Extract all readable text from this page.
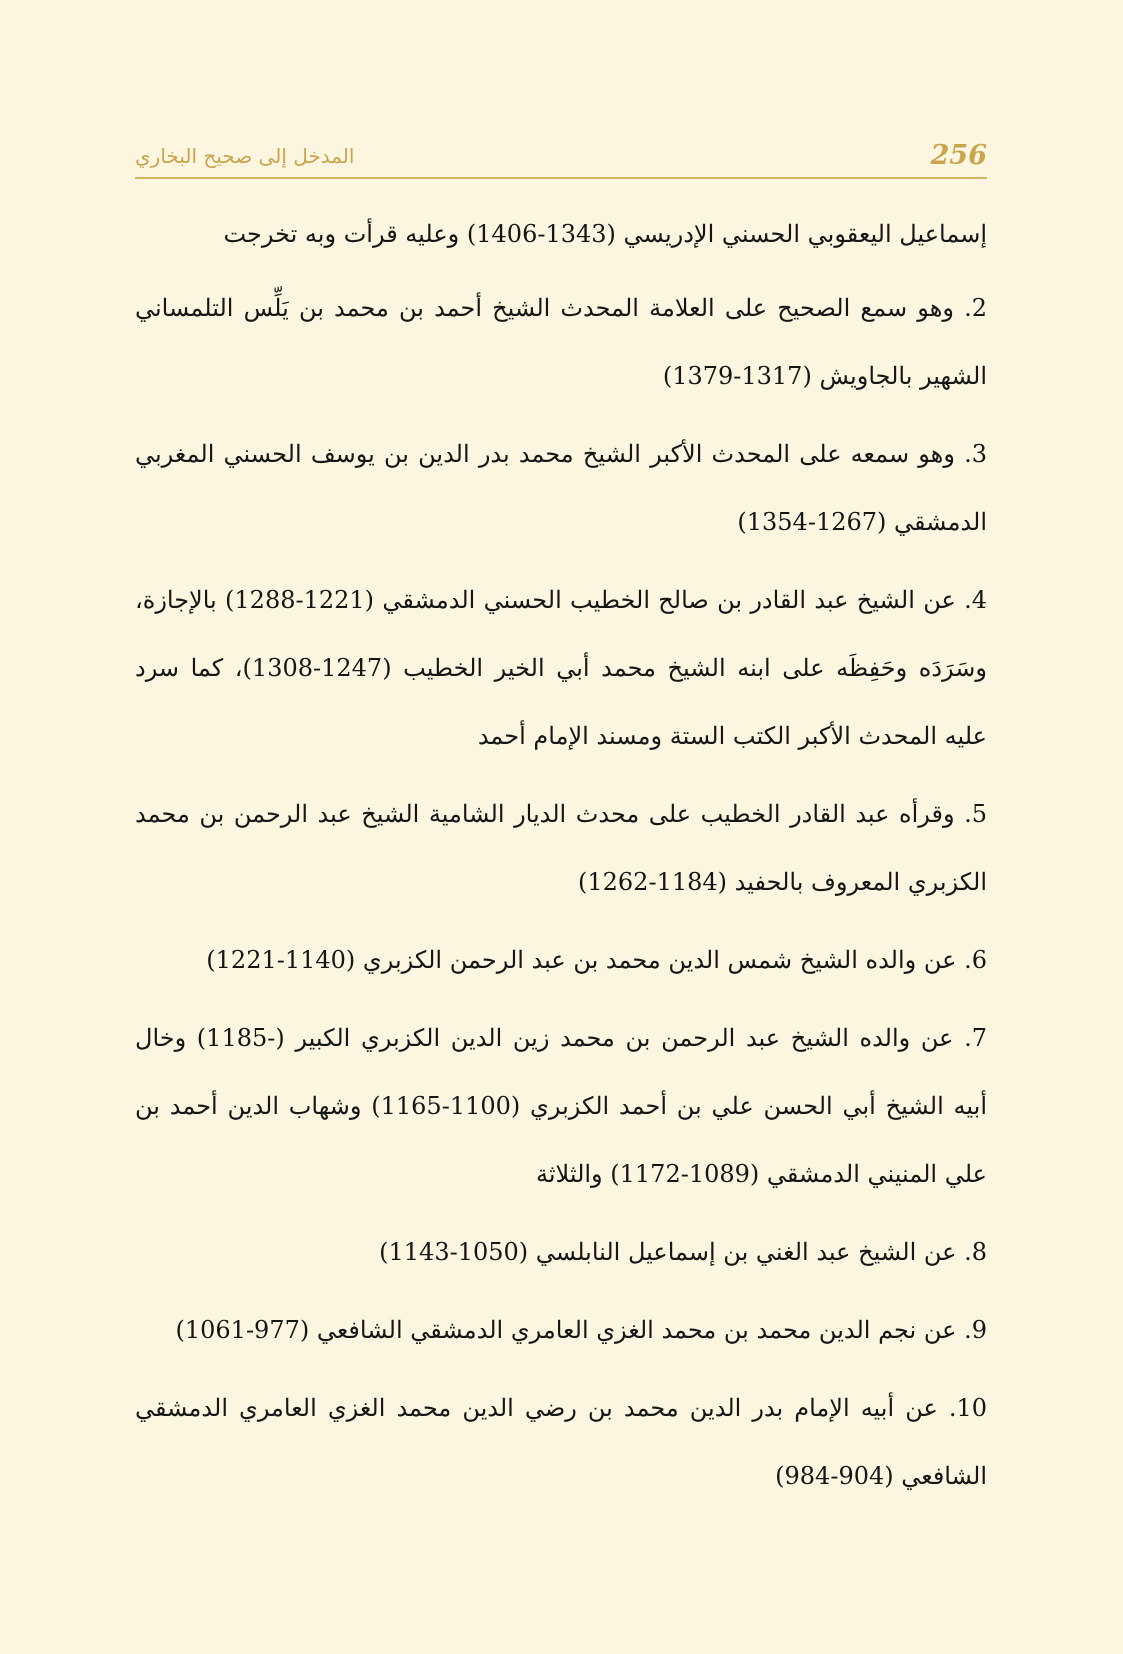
256
المدخل إلى صحيح البخاري

إسماعيل اليعقوبي الحسني الإدريسي (1343-1406) وعليه قرأت وبه تخرجت

2. وهو سمع الصحيح على العلامة المحدث الشيخ أحمد بن محمد بن يَلِّس التلمساني الشهير بالجاويش (1317-1379)

3. وهو سمعه على المحدث الأكبر الشيخ محمد بدر الدين بن يوسف الحسني المغربي الدمشقي (1267-1354)

4. عن الشيخ عبد القادر بن صالح الخطيب الحسني الدمشقي (1221-1288) بالإجازة، وسَرَدَه وحَفِظَه على ابنه الشيخ محمد أبي الخير الخطيب (1247-1308)، كما سرد عليه المحدث الأكبر الكتب الستة ومسند الإمام أحمد

5. وقرأه عبد القادر الخطيب على محدث الديار الشامية الشيخ عبد الرحمن بن محمد الكزبري المعروف بالحفيد (1184-1262)

6. عن والده الشيخ شمس الدين محمد بن عبد الرحمن الكزبري (1140-1221)

7. عن والده الشيخ عبد الرحمن بن محمد زين الدين الكزبري الكبير (-1185) وخال أبيه الشيخ أبي الحسن علي بن أحمد الكزبري (1100-1165) وشهاب الدين أحمد بن علي المنيني الدمشقي (1089-1172) والثلاثة

8. عن الشيخ عبد الغني بن إسماعيل النابلسي (1050-1143)

9. عن نجم الدين محمد بن محمد الغزي العامري الدمشقي الشافعي (977-1061)

10. عن أبيه الإمام بدر الدين محمد بن رضي الدين محمد الغزي العامري الدمشقي الشافعي (904-984)
